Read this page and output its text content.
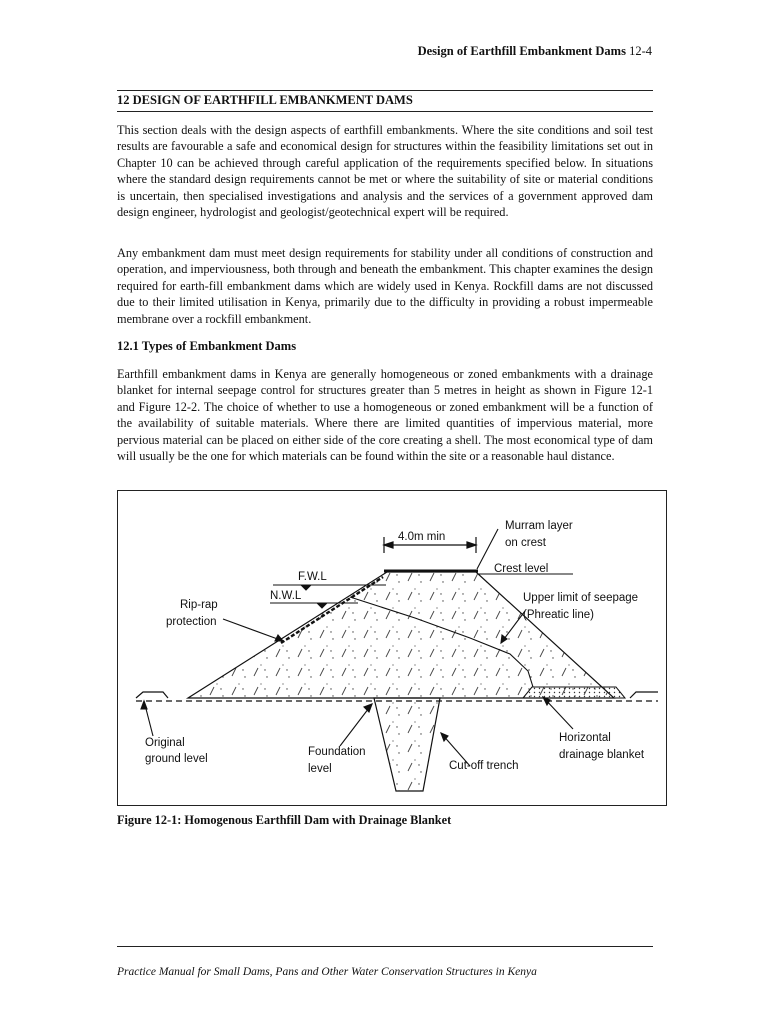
Design of Earthfill Embankment Dams 12-4
12 DESIGN OF EARTHFILL EMBANKMENT DAMS

This section deals with the design aspects of earthfill embankments. Where the site conditions and soil test results are favourable a safe and economical design for structures within the feasibility limitations set out in Chapter 10 can be achieved through careful application of the requirements specified below. In situations where the standard design requirements cannot be met or where the suitability of site or material conditions is uncertain, then specialised investigations and analysis and the services of a government approved dam design engineer, hydrologist and geologist/geotechnical expert will be required.

Any embankment dam must meet design requirements for stability under all conditions of construction and operation, and imperviousness, both through and beneath the embankment. This chapter examines the design required for earth-fill embankment dams which are widely used in Kenya. Rockfill dams are not discussed due to their limited utilisation in Kenya, primarily due to the difficulty in providing a robust impermeable membrane over a rockfill embankment.

12.1 Types of Embankment Dams

Earthfill embankment dams in Kenya are generally homogeneous or zoned embankments with a drainage blanket for internal seepage control for structures greater than 5 metres in height as shown in Figure 12-1 and Figure 12-2. The choice of whether to use a homogeneous or zoned embankment will be a function of the availability of suitable materials. Where there are limited quantities of impervious material, more pervious material can be placed on either side of the core creating a shell. The most economical type of dam will usually be the one for which materials can be found within the site or a reasonable haul distance.

4.0m min
Murram layer
on crest
Crest level
F.W.L
N.W.L
Rip-rap
protection
Upper limit of seepage
(Phreatic line)
Original
ground level
Foundation
level	Cut-off trench
Horizontal
drainage blanket
Figure 12-1: Homogenous Earthfill Dam with Drainage Blanket
Practice Manual for Small Dams, Pans and Other Water Conservation Structures in Kenya
